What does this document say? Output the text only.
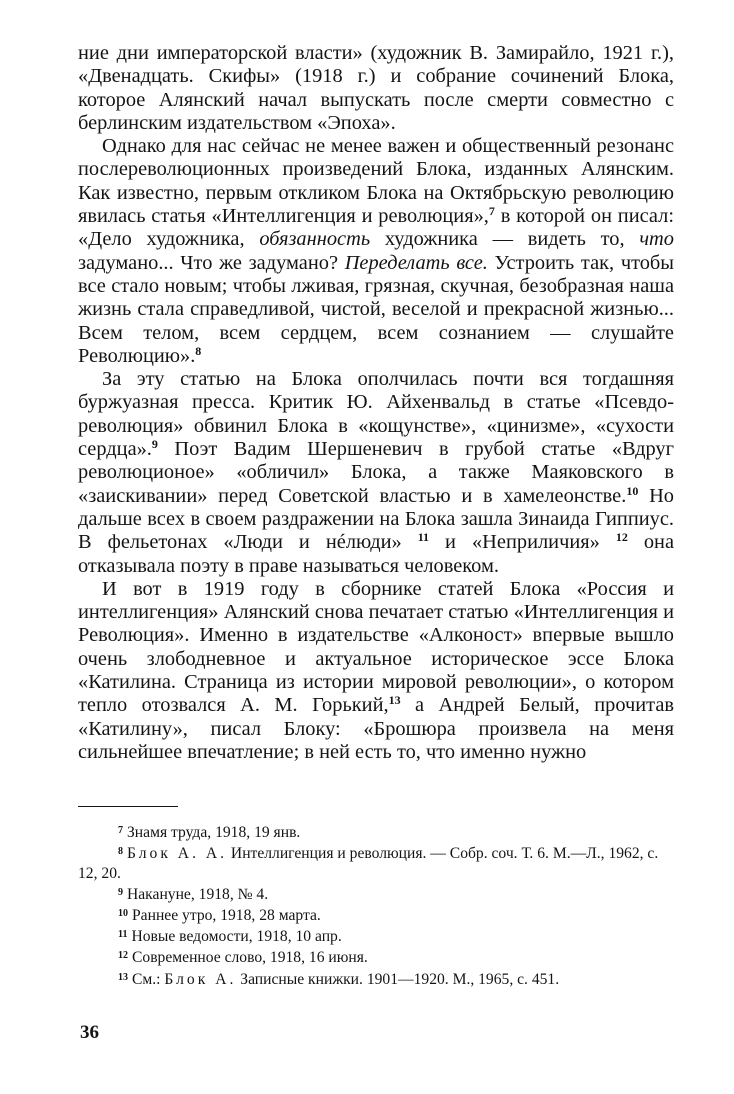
ние дни императорской власти» (художник В. Замирайло, 1921 г.), «Двенадцать. Скифы» (1918 г.) и собрание сочинений Блока, которое Алянский начал выпускать после смерти совместно с берлинским издательством «Эпоха».

Однако для нас сейчас не менее важен и общественный резонанс послереволюционных произведений Блока, изданных Алянским. Как известно, первым откликом Блока на Октябрьскую революцию явилась статья «Интеллигенция и революция»,$^7$ в которой он писал: «Дело художника, обязанность художника — видеть то, что задумано... Что же задумано? Переделать все. Устроить так, чтобы все стало новым; чтобы лживая, грязная, скучная, безобразная наша жизнь стала справедливой, чистой, веселой и прекрасной жизнью... Всем телом, всем сердцем, всем сознанием — слушайте Революцию».$^8$

За эту статью на Блока ополчилась почти вся тогдашняя буржуазная пресса. Критик Ю. Айхенвальд в статье «Псевдо-революция» обвинил Блока в «кощунстве», «цинизме», «сухости сердца».$^9$ Поэт Вадим Шершеневич в грубой статье «Вдруг революционое» «обличил» Блока, а также Маяковского в «заискивании» перед Советской властью и в хамелеонстве.$^{10}$ Но дальше всех в своем раздражении на Блока зашла Зинаида Гиппиус. В фельетонах «Люди и нéлюди» $^{11}$ и «Неприличия» $^{12}$ она отказывала поэту в праве называться человеком.

И вот в 1919 году в сборнике статей Блока «Россия и интеллигенция» Алянский снова печатает статью «Интеллигенция и Революция». Именно в издательстве «Алконост» впервые вышло очень злободневное и актуальное историческое эссе Блока «Катилина. Страница из истории мировой революции», о котором тепло отозвался А. М. Горький,$^{13}$ а Андрей Белый, прочитав «Катилину», писал Блоку: «Брошюра произвела на меня сильнейшее впечатление; в ней есть то, что именно нужно

$^7$ Знамя труда, 1918, 19 янв.

$^8$ Блок А. А. Интеллигенция и революция. — Собр. соч. Т. 6. М.—Л., 1962, с. 12, 20.

$^9$ Накануне, 1918, № 4.

$^{10}$ Раннее утро, 1918, 28 марта.

$^{11}$ Новые ведомости, 1918, 10 апр.

$^{12}$ Современное слово, 1918, 16 июня.

$^{13}$ См.: Блок А. Записные книжки. 1901—1920. М., 1965, с. 451.

36
